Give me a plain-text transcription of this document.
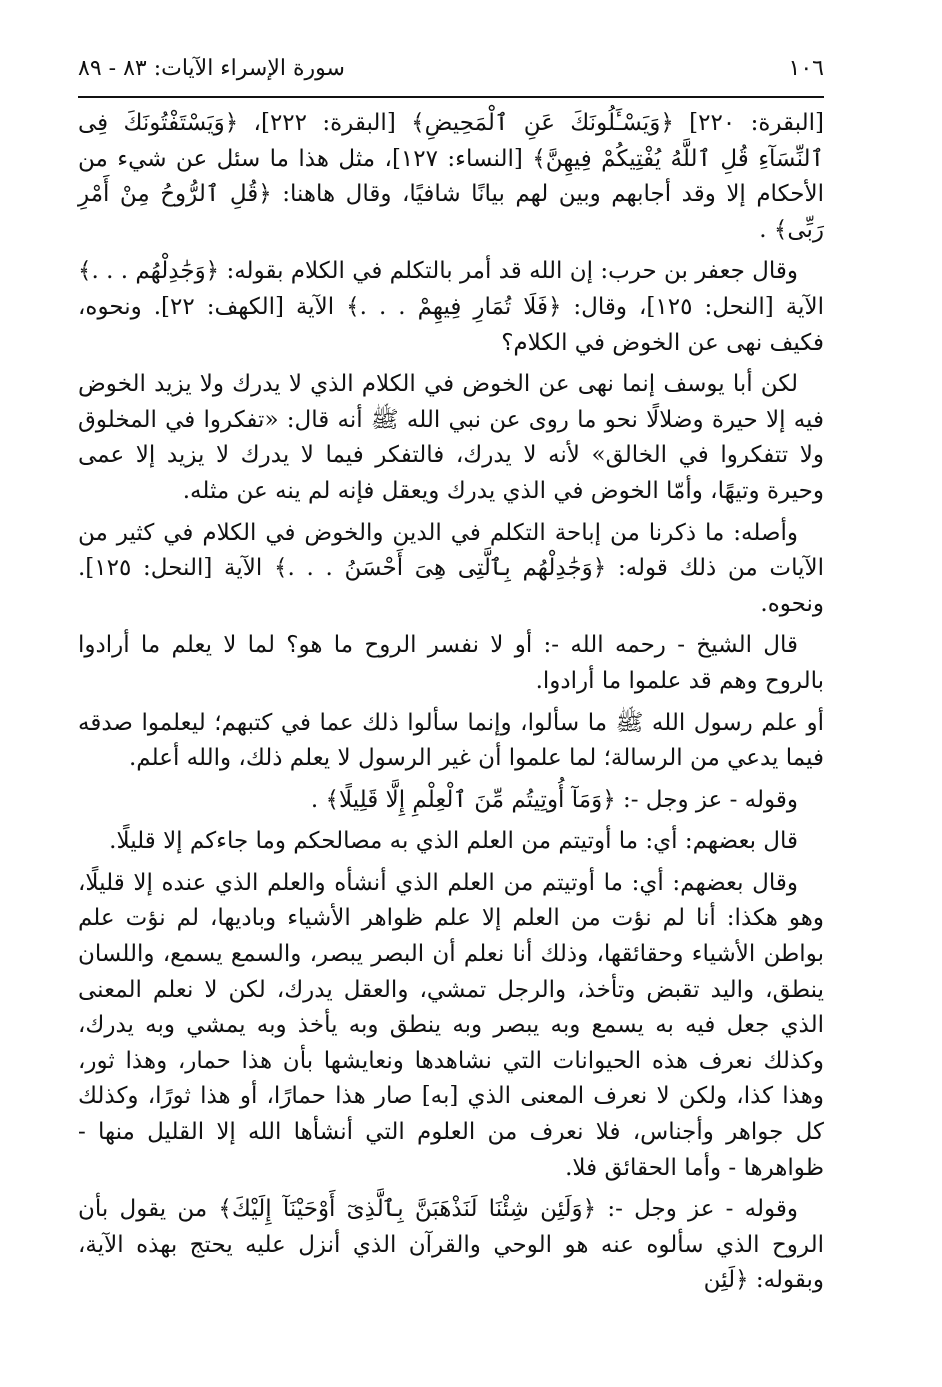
١٠٦
سورة الإسراء الآيات: ٨٣ - ٨٩

[البقرة: ٢٢٠] ﴿وَيَسْـَٔلُونَكَ عَنِ ٱلْمَحِيضِ﴾ [البقرة: ٢٢٢]، ﴿وَيَسْتَفْتُونَكَ فِى ٱلنِّسَآءِ قُلِ ٱللَّهُ يُفْتِيكُمْ فِيهِنَّ﴾ [النساء: ١٢٧]، مثل هذا ما سئل عن شيء من الأحكام إلا وقد أجابهم وبين لهم بيانًا شافيًا، وقال هاهنا: ﴿قُلِ ٱلرُّوحُ مِنْ أَمْرِ رَبِّى﴾ .

وقال جعفر بن حرب: إن الله قد أمر بالتكلم في الكلام بقوله: ﴿وَجَٰدِلْهُم . . .﴾ الآية [النحل: ١٢٥]، وقال: ﴿فَلَا تُمَارِ فِيهِمْ . . .﴾ الآية [الكهف: ٢٢]. ونحوه، فكيف نهى عن الخوض في الكلام؟

لكن أبا يوسف إنما نهى عن الخوض في الكلام الذي لا يدرك ولا يزيد الخوض فيه إلا حيرة وضلالًا نحو ما روى عن نبي الله ﷺ أنه قال: «تفكروا في المخلوق ولا تتفكروا في الخالق» لأنه لا يدرك، فالتفكر فيما لا يدرك لا يزيد إلا عمى وحيرة وتيهًا، وأمّا الخوض في الذي يدرك ويعقل فإنه لم ينه عن مثله.

وأصله: ما ذكرنا من إباحة التكلم في الدين والخوض في الكلام في كثير من الآيات من ذلك قوله: ﴿وَجَٰدِلْهُم بِٱلَّتِى هِىَ أَحْسَنُ . . .﴾ الآية [النحل: ١٢٥]. ونحوه.

قال الشيخ - رحمه الله -: أو لا نفسر الروح ما هو؟ لما لا يعلم ما أرادوا بالروح وهم قد علموا ما أرادوا.

أو علم رسول الله ﷺ ما سألوا، وإنما سألوا ذلك عما في كتبهم؛ ليعلموا صدقه فيما يدعي من الرسالة؛ لما علموا أن غير الرسول لا يعلم ذلك، والله أعلم.

وقوله - عز وجل -: ﴿وَمَآ أُوتِيتُم مِّنَ ٱلْعِلْمِ إِلَّا قَلِيلًا﴾ .

قال بعضهم: أي: ما أوتيتم من العلم الذي به مصالحكم وما جاءكم إلا قليلًا.

وقال بعضهم: أي: ما أوتيتم من العلم الذي أنشأه والعلم الذي عنده إلا قليلًا، وهو هكذا: أنا لم نؤت من العلم إلا علم ظواهر الأشياء وباديها، لم نؤت علم بواطن الأشياء وحقائقها، وذلك أنا نعلم أن البصر يبصر، والسمع يسمع، واللسان ينطق، واليد تقبض وتأخذ، والرجل تمشي، والعقل يدرك، لكن لا نعلم المعنى الذي جعل فيه به يسمع وبه يبصر وبه ينطق وبه يأخذ وبه يمشي وبه يدرك، وكذلك نعرف هذه الحيوانات التي نشاهدها ونعايشها بأن هذا حمار، وهذا ثور، وهذا كذا، ولكن لا نعرف المعنى الذي [به] صار هذا حمارًا، أو هذا ثورًا، وكذلك كل جواهر وأجناس، فلا نعرف من العلوم التي أنشأها الله إلا القليل منها - ظواهرها - وأما الحقائق فلا.

وقوله - عز وجل -: ﴿وَلَئِن شِئْنَا لَنَذْهَبَنَّ بِٱلَّذِىٓ أَوْحَيْنَآ إِلَيْكَ﴾ من يقول بأن الروح الذي سألوه عنه هو الوحي والقرآن الذي أنزل عليه يحتج بهذه الآية، وبقوله: ﴿لَئِن
